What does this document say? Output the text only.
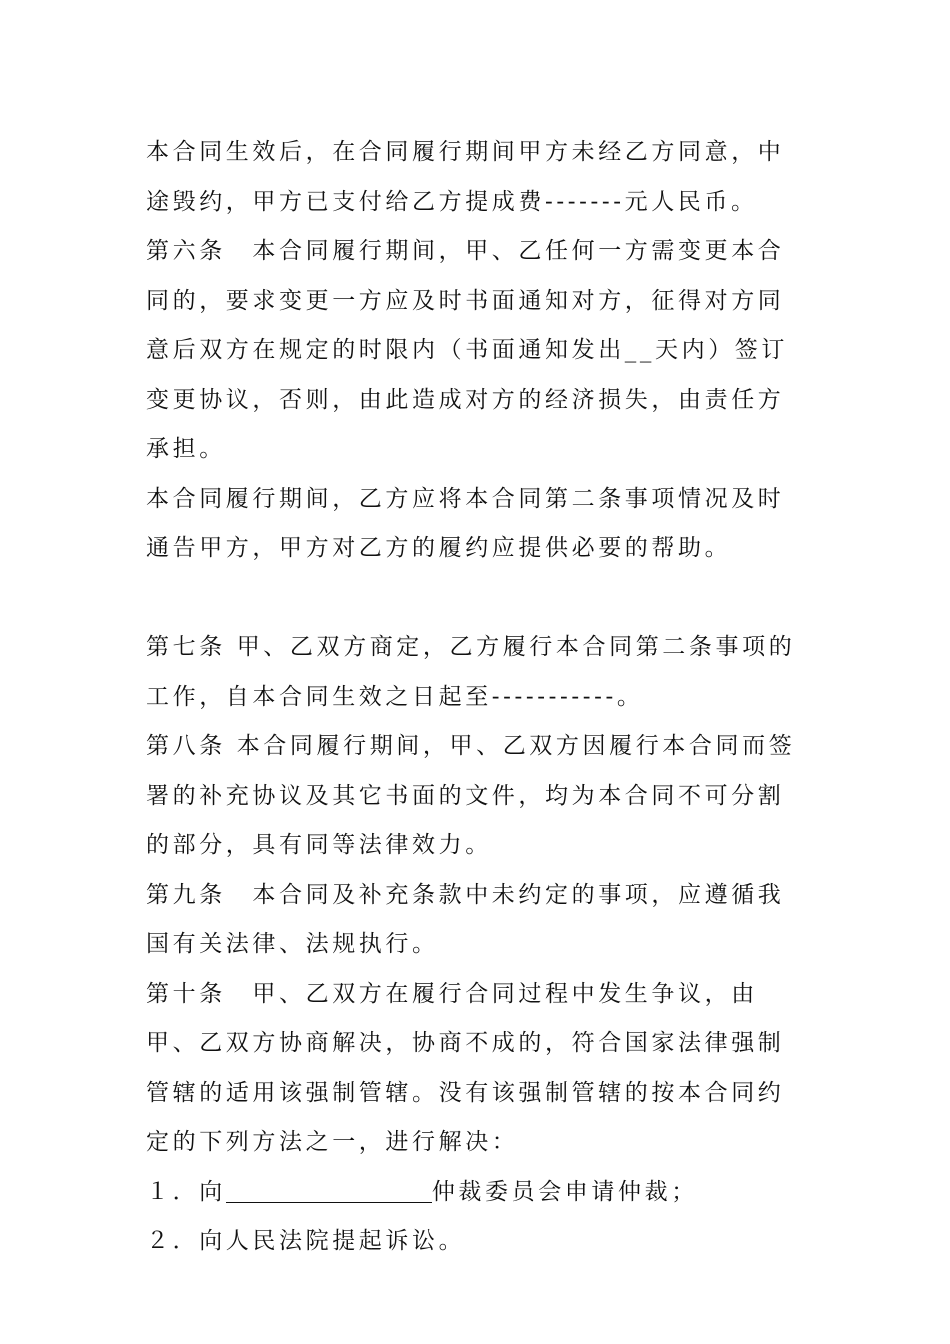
本合同生效后，在合同履行期间甲方未经乙方同意，中途毁约，甲方已支付给乙方提成费-------元人民币。

第六条　本合同履行期间，甲、乙任何一方需变更本合同的，要求变更一方应及时书面通知对方，征得对方同意后双方在规定的时限内（书面通知发出__天内）签订变更协议，否则，由此造成对方的经济损失，由责任方承担。

本合同履行期间，乙方应将本合同第二条事项情况及时通告甲方，甲方对乙方的履约应提供必要的帮助。

第七条 甲、乙双方商定，乙方履行本合同第二条事项的工作，自本合同生效之日起至-----------。

第八条 本合同履行期间，甲、乙双方因履行本合同而签署的补充协议及其它书面的文件，均为本合同不可分割的部分，具有同等法律效力。

第九条　本合同及补充条款中未约定的事项，应遵循我国有关法律、法规执行。

第十条　甲、乙双方在履行合同过程中发生争议，由甲、乙双方协商解决，协商不成的，符合国家法律强制管辖的适用该强制管辖。没有该强制管辖的按本合同约定的下列方法之一，进行解决：

１．向	仲裁委员会申请仲裁；

２．向人民法院提起诉讼。
